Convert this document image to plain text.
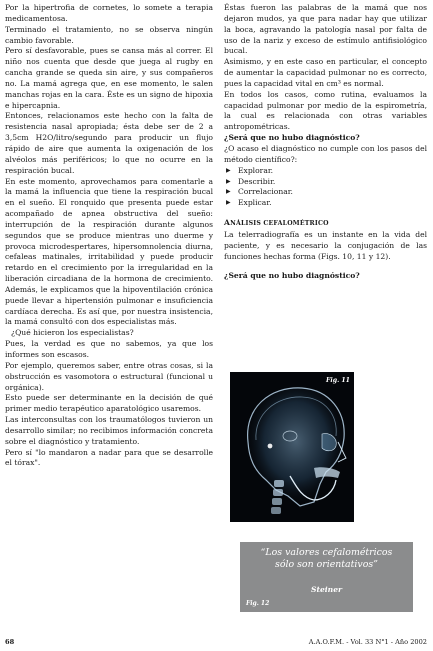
Por la hipertrofia de cornetes, lo somete a terapia medicamentosa.

Terminado el tratamiento, no se observa ningún cambio favorable.

Pero sí desfavorable, pues se cansa más al correr. El niño nos cuenta que desde que juega al rugby en cancha grande se queda sin aire, y sus compañeros no. La mamá agrega que, en ese momento, le salen manchas rojas en la cara. Éste es un signo de hipoxia e hipercapnia.

Entonces, relacionamos este hecho con la falta de resistencia nasal apropiada; ésta debe ser de 2 a 3,5cm H2O/litro/segundo para producir un flujo rápido de aire que aumenta la oxigenación de los alvéolos más periféricos; lo que no ocurre en la respiración bucal.

En este momento, aprovechamos para comentarle a la mamá la influencia que tiene la respiración bucal en el sueño. El ronquido que presenta puede estar acompañado de apnea obstructiva del sueño: interrupción de la respiración durante algunos segundos que se produce mientras uno duerme y provoca microdespertares, hipersomnolencia diurna, cefaleas matinales, irritabilidad y puede producir retardo en el crecimiento por la irregularidad en la liberación circadiana de la hormona de crecimiento. Además, le explicamos que la hipoventilación crónica puede llevar a hipertensión pulmonar e insuficiencia cardíaca derecha. Es así que, por nuestra insistencia, la mamá consultó con dos especialistas más.

¿Qué hicieron los especialistas?

Pues, la verdad es que no sabemos, ya que los informes son escasos.

Por ejemplo, queremos saber, entre otras cosas, si la obstrucción es vasomotora o estructural (funcional u orgánica).

Esto puede ser determinante en la decisión de qué primer medio terapéutico aparatológico usaremos.

Las interconsultas con los traumatólogos tuvieron un desarrollo similar; no recibimos información concreta sobre el diagnóstico y tratamiento.

Pero sí "lo mandaron a nadar para que se desarrolle el tórax".

Éstas fueron las palabras de la mamá que nos dejaron mudos, ya que para nadar hay que utilizar la boca, agravando la patología nasal por falta de uso de la nariz y exceso de estímulo antifisiológico bucal.

Asimismo, y en este caso en particular, el concepto de aumentar la capacidad pulmonar no es correcto, pues la capacidad vital en cm³ es normal.

En todos los casos, como rutina, evaluamos la capacidad pulmonar por medio de la espirometría, la cual es relacionada con otras variables antropométricas.

¿Será que no hubo diagnóstico?

¿O acaso el diagnóstico no cumple con los pasos del método científico?:

▶ Explorar.
▶ Describir.
▶ Correlacionar.
▶ Explicar.

ANÁLISIS CEFALOMÉTRICO

La telerradiografía es un instante en la vida del paciente, y es necesario la conjugación de las funciones hechas forma (Figs. 10, 11 y 12).

¿Será que no hubo diagnóstico?

Fig. 11
“Los valores cefalométricos
sólo son orientativos”
Steiner
Fig. 12
68	A.A.O.F.M. - Vol. 33 N°1 - Año 2002
